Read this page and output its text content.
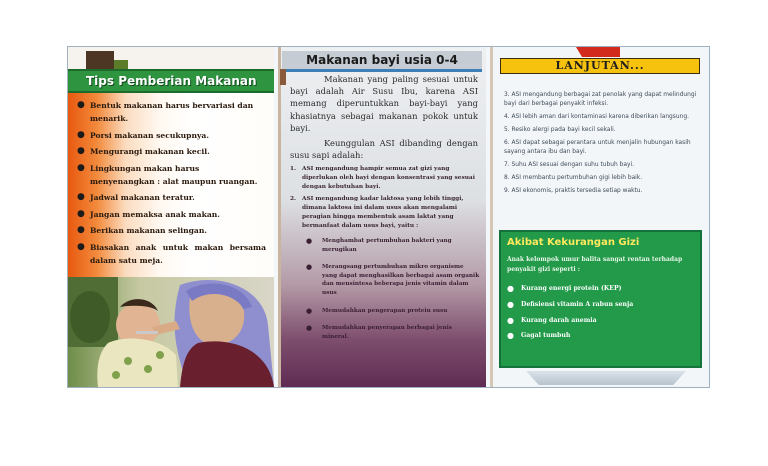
Tips Pemberian Makanan
● Bentuk makanan harus bervariasi dan menarik.
● Porsi makanan secukupnya.
● Mengurangi makanan kecil.
● Lingkungan makan harus menyenangkan : alat maupun ruangan.
● Jadwal makanan teratur.
● Jangan memaksa anak makan.
● Berikan makanan selingan.
● Biasakan anak untuk makan bersama dalam satu meja.
Makanan bayi usia 0-4
Makanan yang paling sesuai untuk bayi adalah Air Susu Ibu, karena ASI memang diperuntukkan bayi-bayi yang khasiatnya sebagai makanan pokok untuk bayi.
Keunggulan ASI dibanding dengan susu sapi adalah:
1. ASI mengandung hampir semua zat gizi yang diperlukan oleh bayi dengan konsentrasi yang sesuai dengan kebutuhan bayi.
2. ASI mengandung kadar laktosa yang lebih tinggi, dimana laktosa ini dalam usus akan mengalami peragian hingga membentuk asam laktat yang bermanfaat dalam usus bayi, yaitu :
● Menghambat pertumbuhan bakteri yang merugikan
● Merangsang pertumbuhan mikro organisme yang dapat menghasilkan berbagai asam organik dan mensintesa beberapa jenis vitamin dalam usus
● Memudahkan pengerapan protein susu
● Memudahkan penyerapan berbagai jenis mineral.
LANJUTAN...
3. ASI mengandung berbagai zat penolak yang dapat melindungi bayi dari berbagai penyakit infeksi.
4. ASI lebih aman dari kontaminasi karena diberikan langsung.
5. Resiko alergi pada bayi kecil sekali.
6. ASI dapat sebagai perantara untuk menjalin hubungan kasih sayang antara ibu dan bayi.
7. Suhu ASI sesuai dengan suhu tubuh bayi.
8. ASI membantu pertumbuhan gigi lebih baik.
9. ASI ekonomis, praktis tersedia setiap waktu.
Akibat Kekurangan Gizi
Anak kelompok umur balita sangat rentan terhadap penyakit gizi seperti :
● Kurang energi protein (KEP)
● Defisiensi vitamin A rabun senja
● Kurang darah anemia
● Gagal tumbuh
